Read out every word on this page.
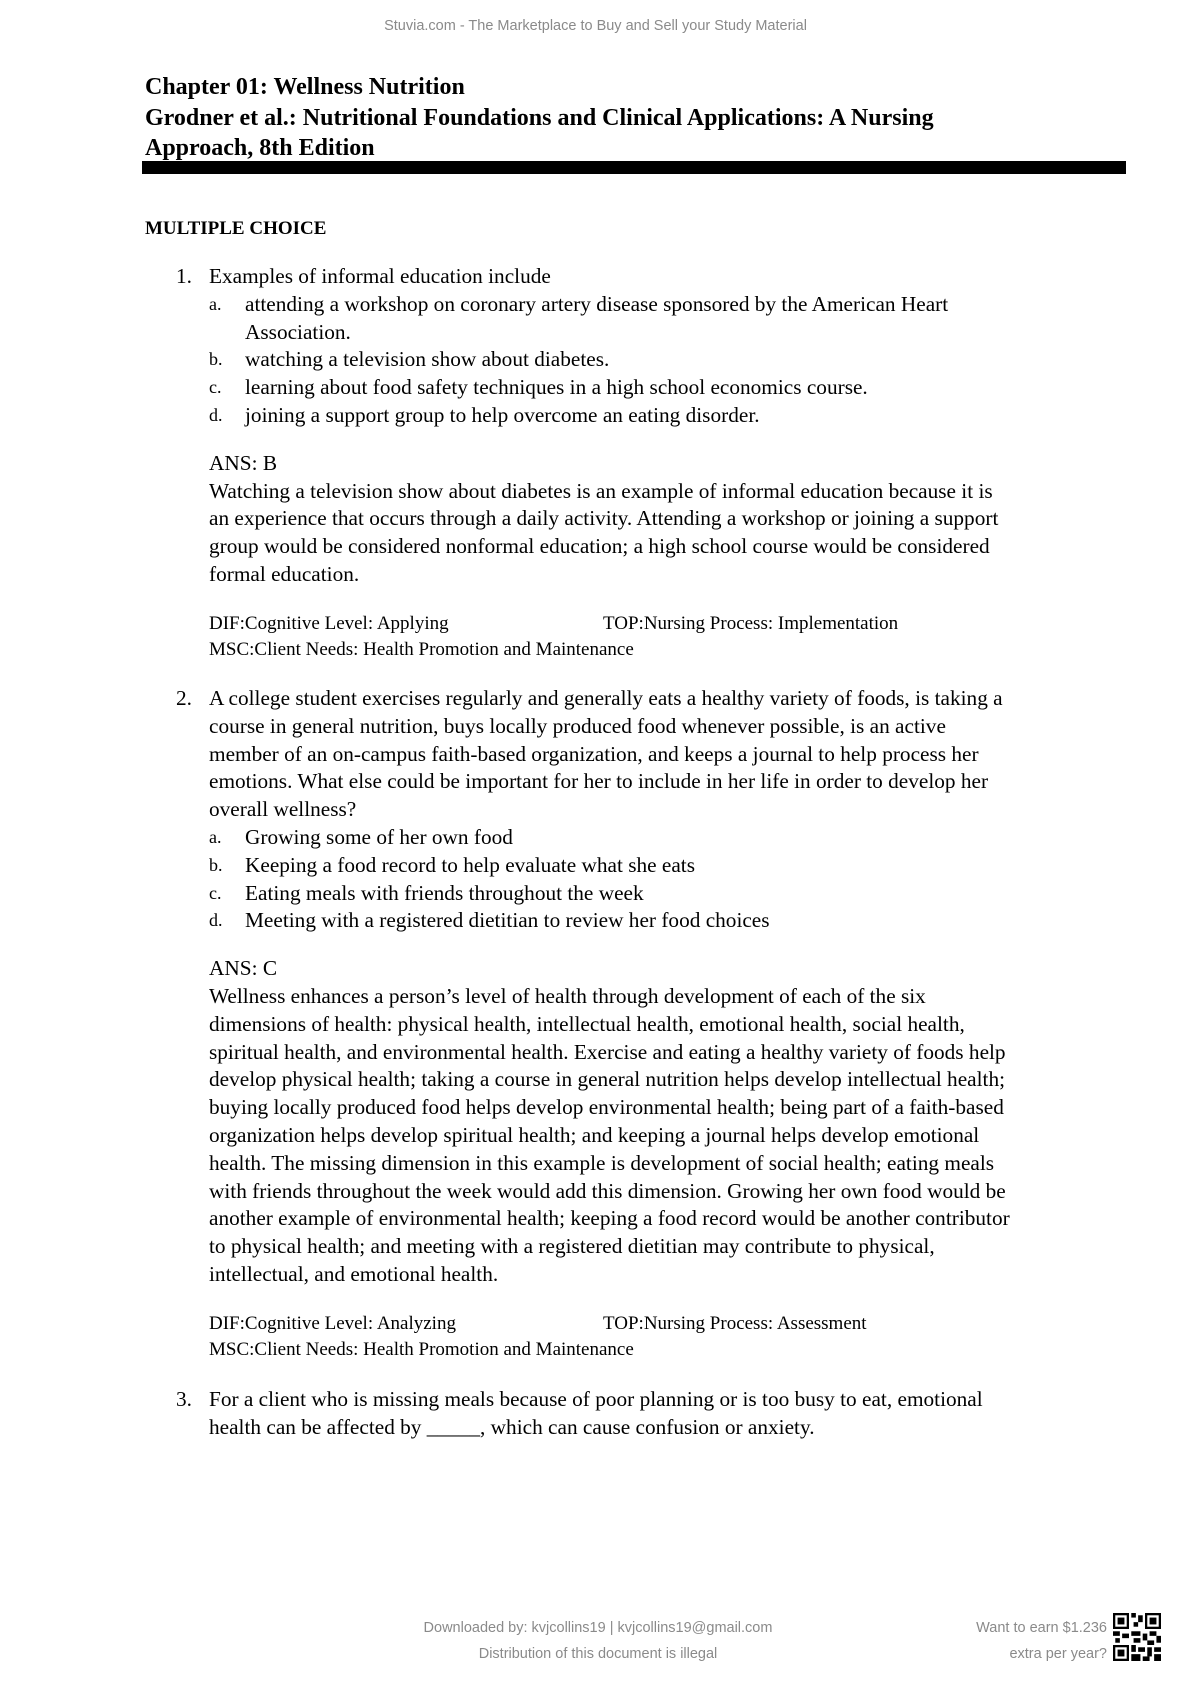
Stuvia.com - The Marketplace to Buy and Sell your Study Material
Chapter 01: Wellness Nutrition
Grodner et al.: Nutritional Foundations and Clinical Applications: A Nursing
Approach, 8th Edition
MULTIPLE CHOICE
1. Examples of informal education include
a. attending a workshop on coronary artery disease sponsored by the American Heart
Association.
b. watching a television show about diabetes.
c. learning about food safety techniques in a high school economics course.
d. joining a support group to help overcome an eating disorder.
ANS: B
Watching a television show about diabetes is an example of informal education because it is
an experience that occurs through a daily activity. Attending a workshop or joining a support
group would be considered nonformal education; a high school course would be considered
formal education.
DIF:Cognitive Level: Applying	TOP:Nursing Process: Implementation
MSC:Client Needs: Health Promotion and Maintenance
2. A college student exercises regularly and generally eats a healthy variety of foods, is taking a
course in general nutrition, buys locally produced food whenever possible, is an active
member of an on-campus faith-based organization, and keeps a journal to help process her
emotions. What else could be important for her to include in her life in order to develop her
overall wellness?
a. Growing some of her own food
b. Keeping a food record to help evaluate what she eats
c. Eating meals with friends throughout the week
d. Meeting with a registered dietitian to review her food choices
ANS: C
Wellness enhances a person’s level of health through development of each of the six
dimensions of health: physical health, intellectual health, emotional health, social health,
spiritual health, and environmental health. Exercise and eating a healthy variety of foods help
develop physical health; taking a course in general nutrition helps develop intellectual health;
buying locally produced food helps develop environmental health; being part of a faith-based
organization helps develop spiritual health; and keeping a journal helps develop emotional
health. The missing dimension in this example is development of social health; eating meals
with friends throughout the week would add this dimension. Growing her own food would be
another example of environmental health; keeping a food record would be another contributor
to physical health; and meeting with a registered dietitian may contribute to physical,
intellectual, and emotional health.
DIF:Cognitive Level: Analyzing	TOP:Nursing Process: Assessment
MSC:Client Needs: Health Promotion and Maintenance
3. For a client who is missing meals because of poor planning or is too busy to eat, emotional
health can be affected by _____, which can cause confusion or anxiety.
Downloaded by: kvjcollins19 | kvjcollins19@gmail.com
Distribution of this document is illegal
Want to earn $1.236
extra per year?
